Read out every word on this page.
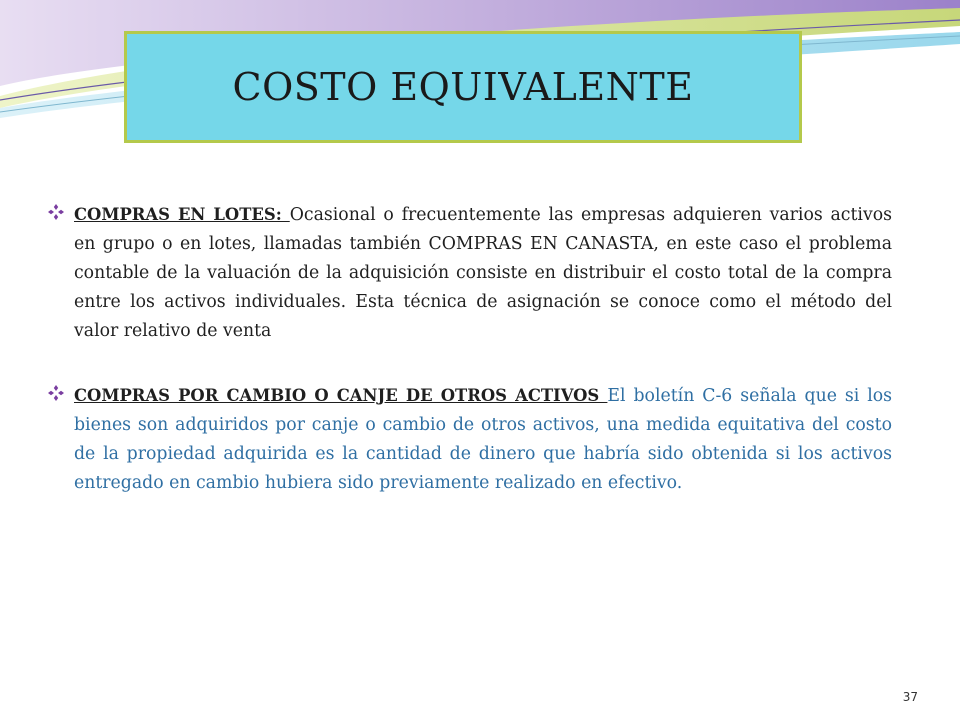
COSTO EQUIVALENTE
COMPRAS EN LOTES: Ocasional o frecuentemente las empresas adquieren varios activos en grupo o en lotes, llamadas también COMPRAS EN CANASTA, en este caso el problema contable de la valuación de la adquisición consiste en distribuir el costo total de la compra entre los activos individuales. Esta técnica de asignación se conoce como el método del valor relativo de venta
COMPRAS POR CAMBIO O CANJE DE OTROS ACTIVOS El boletín C-6 señala que si los bienes son adquiridos por canje o cambio de otros activos, una medida equitativa del costo de la propiedad adquirida es la cantidad de dinero que habría sido obtenida si los activos entregado en cambio hubiera sido previamente realizado en efectivo.
37
